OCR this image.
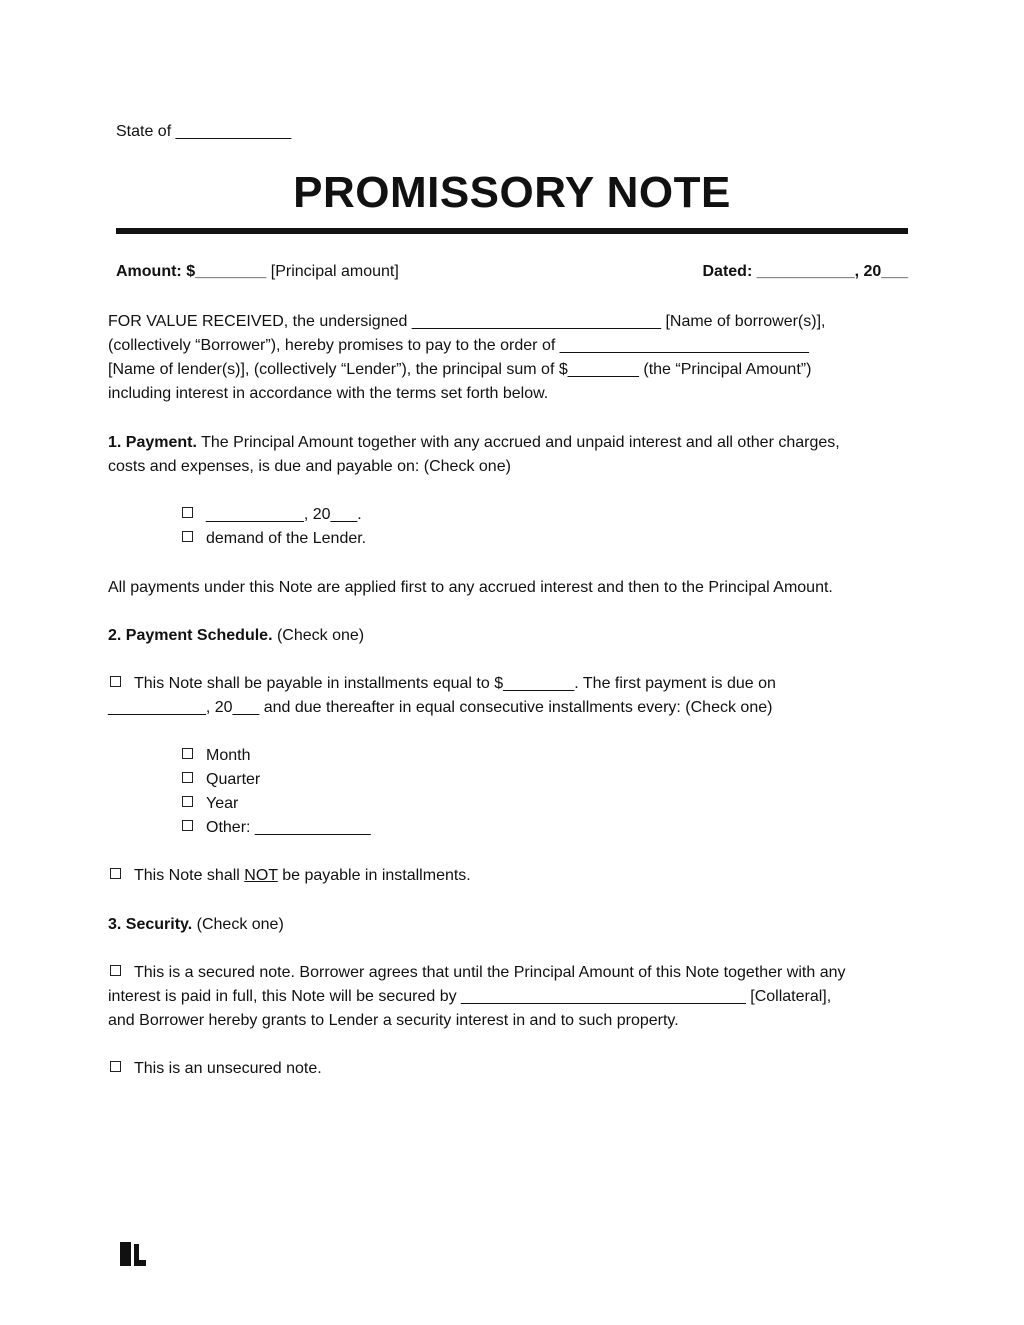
State of _____________
PROMISSORY NOTE
Amount: $________ [Principal amount]	Dated: ___________, 20___
FOR VALUE RECEIVED, the undersigned ____________________________ [Name of borrower(s)],
(collectively “Borrower”), hereby promises to pay to the order of ____________________________
[Name of lender(s)], (collectively “Lender”), the principal sum of $________ (the “Principal Amount”)
including interest in accordance with the terms set forth below.
1. Payment. The Principal Amount together with any accrued and unpaid interest and all other charges,
costs and expenses, is due and payable on: (Check one)
___________, 20___.
demand of the Lender.
All payments under this Note are applied first to any accrued interest and then to the Principal Amount.
2. Payment Schedule. (Check one)
This Note shall be payable in installments equal to $________. The first payment is due on
___________, 20___ and due thereafter in equal consecutive installments every: (Check one)
Month
Quarter
Year
Other: _____________
This Note shall NOT be payable in installments.
3. Security. (Check one)
This is a secured note. Borrower agrees that until the Principal Amount of this Note together with any
interest is paid in full, this Note will be secured by ________________________________ [Collateral],
and Borrower hereby grants to Lender a security interest in and to such property.
This is an unsecured note.
